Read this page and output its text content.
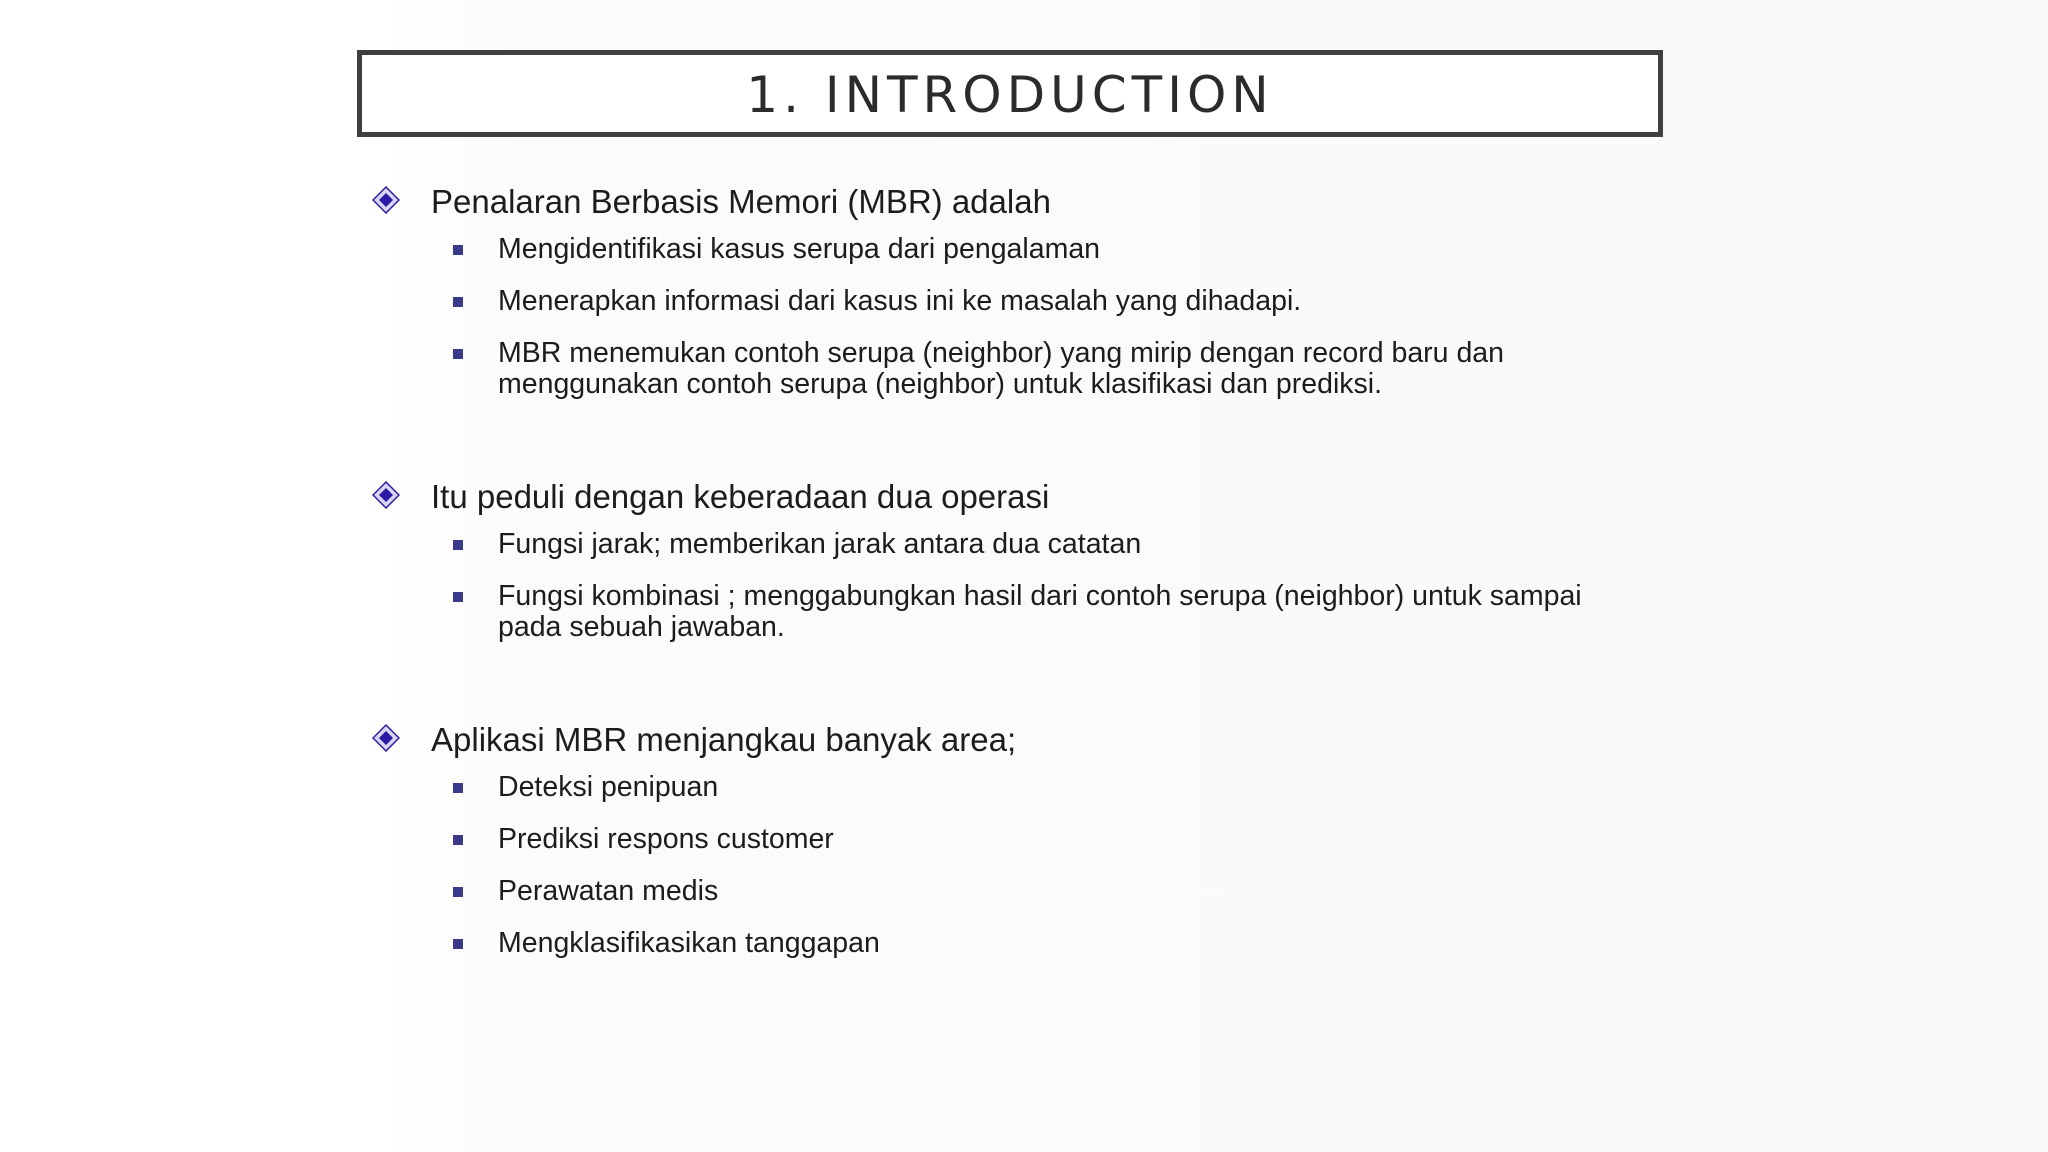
1. INTRODUCTION
Penalaran Berbasis Memori (MBR) adalah
Mengidentifikasi kasus serupa dari pengalaman
Menerapkan informasi dari kasus ini ke masalah yang dihadapi.
MBR menemukan contoh serupa (neighbor) yang mirip dengan record baru dan menggunakan contoh serupa (neighbor) untuk klasifikasi dan prediksi.
Itu peduli dengan keberadaan dua operasi
Fungsi jarak; memberikan jarak antara dua catatan
Fungsi kombinasi ; menggabungkan hasil dari contoh serupa (neighbor) untuk sampai pada sebuah jawaban.
Aplikasi MBR menjangkau banyak area;
Deteksi penipuan
Prediksi respons customer
Perawatan medis
Mengklasifikasikan tanggapan
